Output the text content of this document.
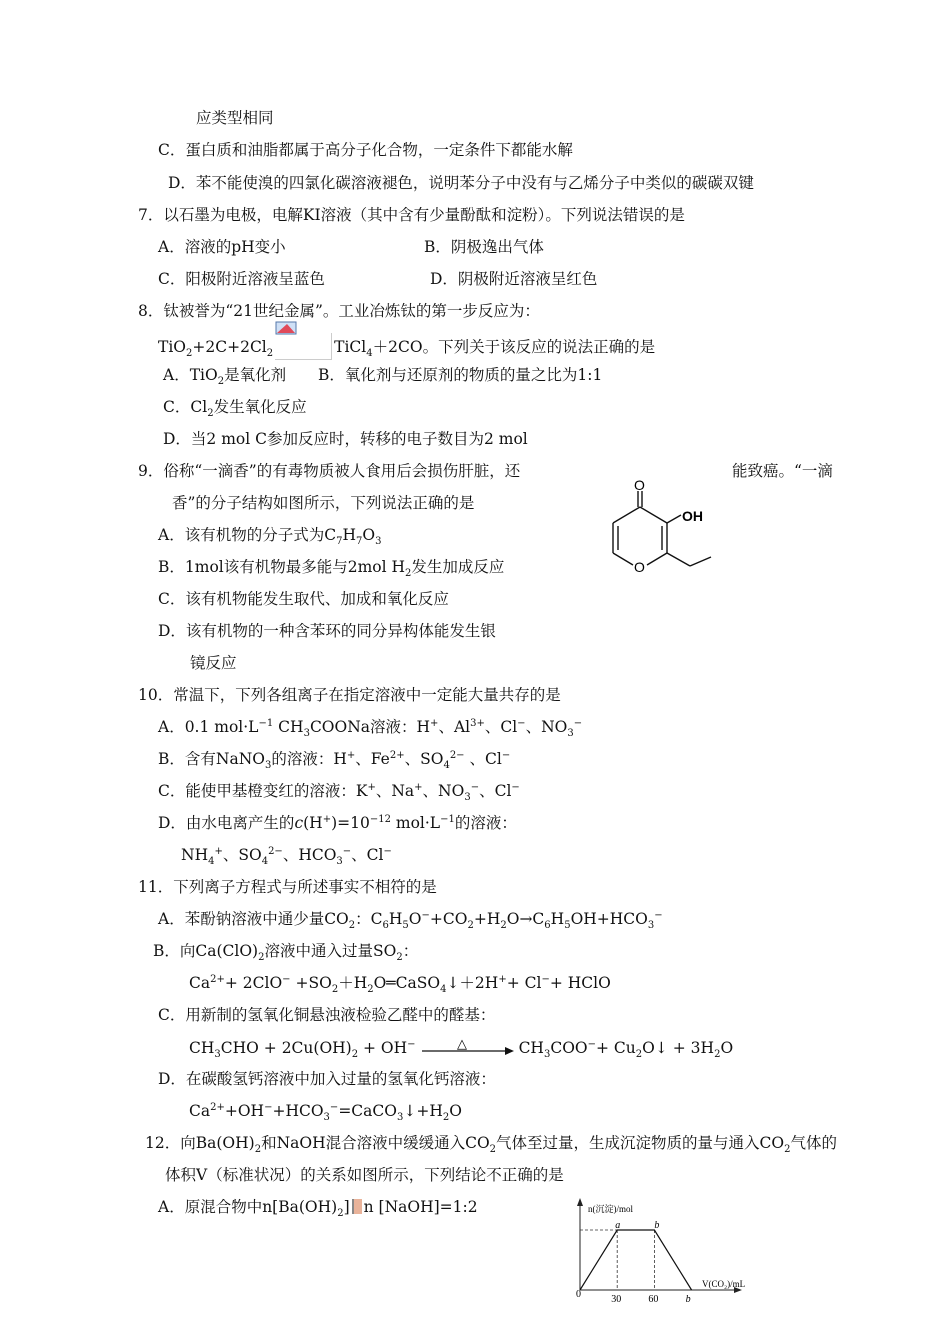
应类型相同
C．蛋白质和油脂都属于高分子化合物，一定条件下都能水解
D．苯不能使溴的四氯化碳溶液褪色，说明苯分子中没有与乙烯分子中类似的碳碳双键
7．以石墨为电极，电解KI溶液（其中含有少量酚酞和淀粉）。下列说法错误的是
A．溶液的pH变小	B．阴极逸出气体
C．阳极附近溶液呈蓝色	D．阴极附近溶液呈红色
8．钛被誉为“21世纪金属”。工业冶炼钛的第一步反应为：
$TiO_2+2C+2Cl_2$	TiCl$_4$＋2CO。下列关于该反应的说法正确的是
A．TiO$_2$是氧化剂 B．氧化剂与还原剂的物质的量之比为1:1
C．$Cl_2$发生氧化反应
D．当2 mol C参加反应时，转移的电子数目为2 mol
9．俗称“一滴香”的有毒物质被人食用后会损伤肝脏，还	能致癌。“一滴
香”的分子结构如图所示，下列说法正确的是
A．该有机物的分子式为$C_7H_7O_3$
B．1mol该有机物最多能与2mol $H_2$发生加成反应
C．该有机物能发生取代、加成和氧化反应
D．该有机物的一种含苯环的同分异构体能发生银
镜反应
O
O
OH
10．常温下，下列各组离子在指定溶液中一定能大量共存的是
A．0.1 $mol\cdot L^{-1}$ $CH_3COONa$溶液：H+、$Al^{3+}$、Cl−、$NO_3^-$
B．含有NaNO$_3$的溶液：H+、$Fe^{2+}$、$SO_4^{2-}$ 、Cl−
C．能使甲基橙变红的溶液：K+、Na+、$NO_3^-$、Cl−
D．由水电离产生的$c(H^+)=10^{-12}$ $mol\cdot L^{-1}$的溶液：
$NH_4^+$、$SO_4^{2-}$、$HCO_3^-$、Cl−
11．下列离子方程式与所述事实不相符的是
A．苯酚钠溶液中通少量$CO_2$：$C_6H_5O^-+CO_2+H_2O\to C_6H_5OH+HCO_3^-$
B．向$Ca(ClO)_2$溶液中通入过量$SO_2$：
$Ca^{2+}+ 2ClO^-$ $+SO_2+H_2O═CaSO_4↓+2H^++ Cl^-+$ HClO
C．用新制的氢氧化铜悬浊液检验乙醛中的醛基：
$CH_3CHO + 2Cu(OH)_2 + OH^-$	△	$CH_3COO^-+$ $Cu_2O↓ + 3H_2O$
D．在碳酸氢钙溶液中加入过量的氢氧化钙溶液：
$Ca^{2+}+OH^-+HCO_3^-=CaCO_3↓+H_2O$
12．向$Ba(OH)_2$和NaOH混合溶液中缓缓通入$CO_2$气体至过量，生成沉淀物质的量与通入$CO_2$气体的
体积V（标准状况）的关系如图所示，下列结论不正确的是
A．原混合物中$n[Ba(OH)_2]$ n [NaOH]=1:2	n(沉淀)/mol
V(CO₂)/mL
a	b
0	30	60	b
